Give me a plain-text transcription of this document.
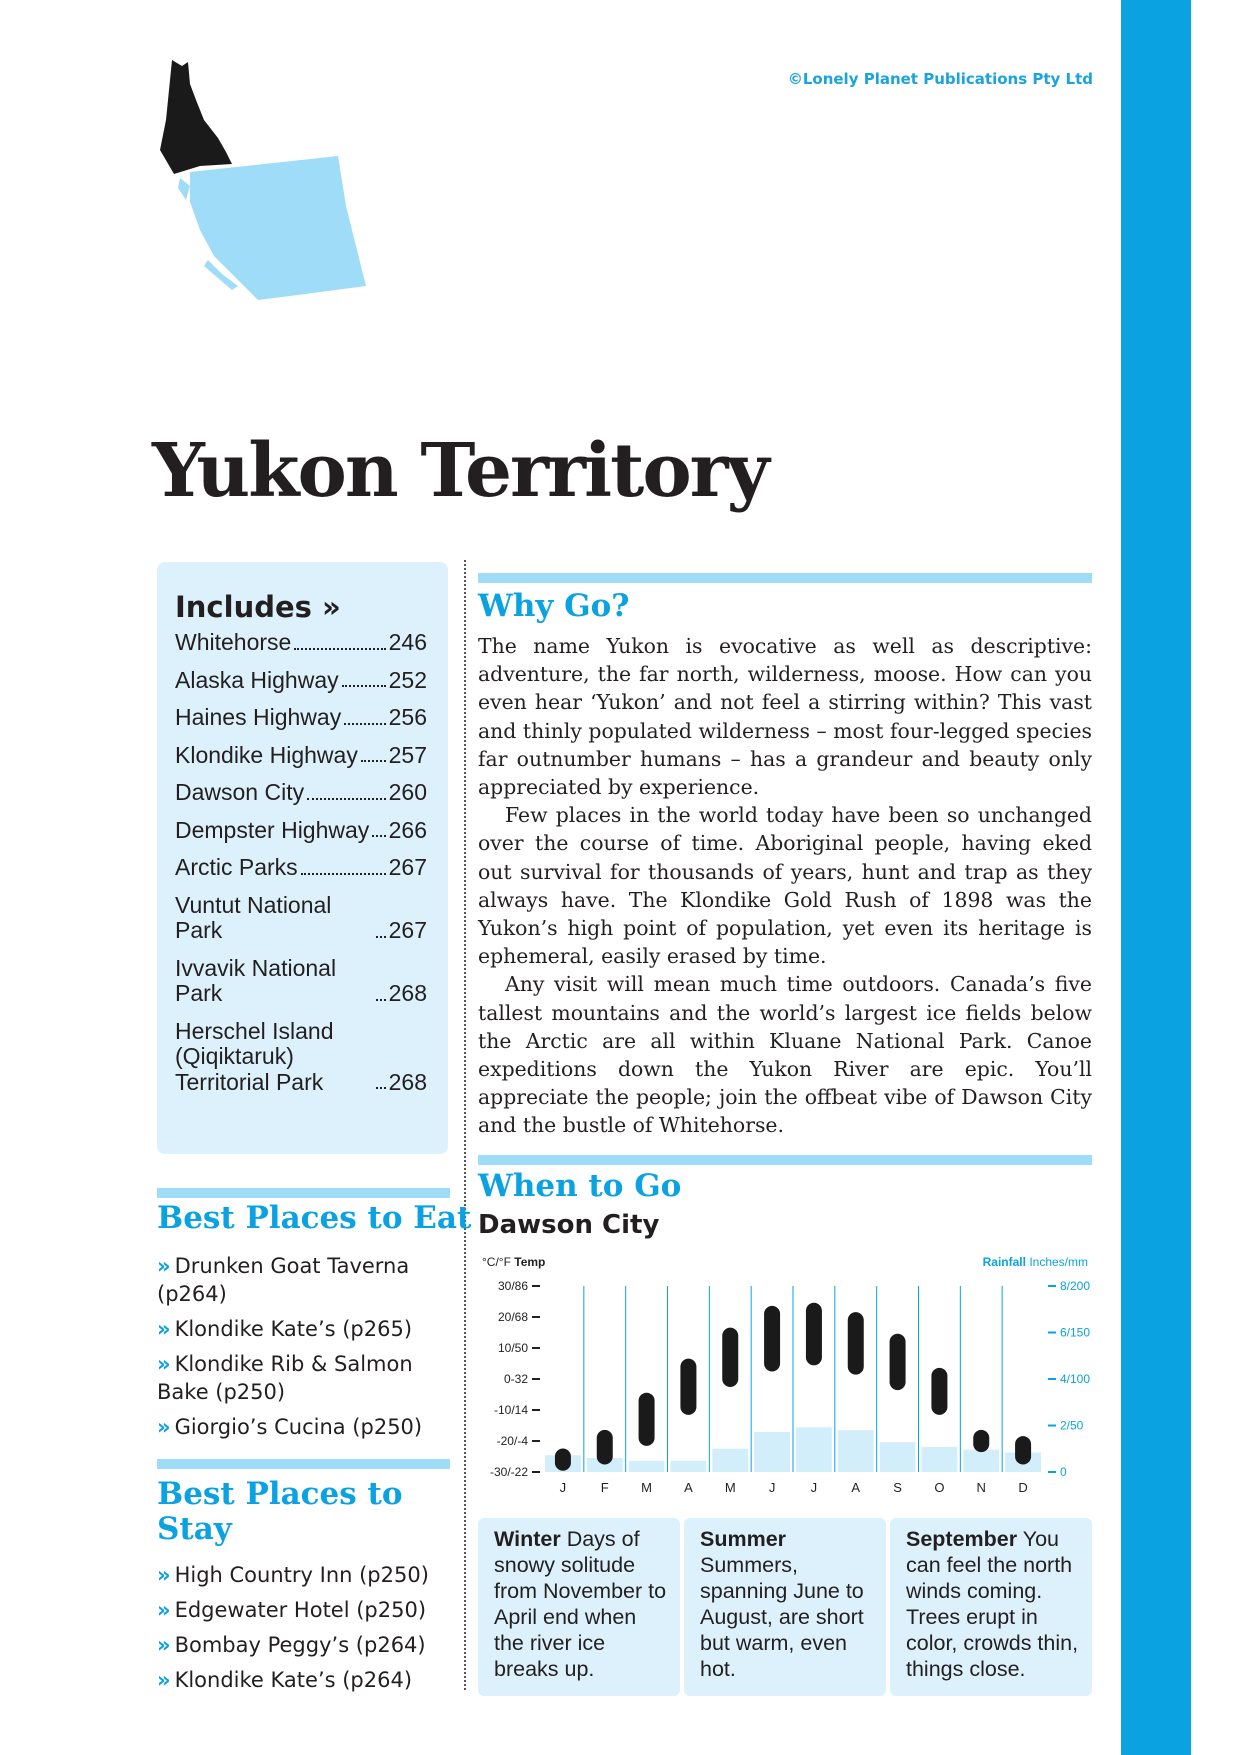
©Lonely Planet Publications Pty Ltd
Yukon Territory
Includes »
Whitehorse	246
Alaska Highway 252
Haines Highway 256
Klondike Highway 257
Dawson City	260
Dempster Highway 266
Arctic Parks	267
Vuntut National Park	267
Ivvavik National Park	268
Herschel Island (Qiqiktaruk) Territorial Park	268
Best Places to Eat
» Drunken Goat Taverna (p264)
» Klondike Kate’s (p265)
» Klondike Rib & Salmon Bake (p250)
» Giorgio’s Cucina (p250)
Best Places to Stay
» High Country Inn (p250)
» Edgewater Hotel (p250)
» Bombay Peggy’s (p264)
» Klondike Kate’s (p264)
Why Go?

The name Yukon is evocative as well as descriptive: adventure, the far north, wilderness, moose. How can you even hear ‘Yukon’ and not feel a stirring within? This vast and thinly populated wilderness – most four-legged species far outnumber humans – has a grandeur and beauty only appreciated by experience.

Few places in the world today have been so unchanged over the course of time. Aboriginal people, having eked out survival for thousands of years, hunt and trap as they always have. The Klondike Gold Rush of 1898 was the Yukon’s high point of population, yet even its heritage is ephemeral, easily erased by time.

Any visit will mean much time outdoors. Canada’s five tallest mountains and the world’s largest ice fields below the Arctic are all within Kluane National Park. Canoe expeditions down the Yukon River are epic. You’ll appreciate the people; join the offbeat vibe of Dawson City and the bustle of Whitehorse.

When to Go
Dawson City
°C/°F Temp	Rainfall Inches/mm
30/86
20/68
10/50
0-32
-10/14
-20/-4
-30/-22
8/200
6/150
4/100
2/50
0
J	F M A M	J	J	A	S O N D
Winter Days of snowy solitude from November to April end when the river ice breaks up.
Summer Summers, spanning June to August, are short but warm, even hot.
September You can feel the north winds coming. Trees erupt in color, crowds thin, things close.
